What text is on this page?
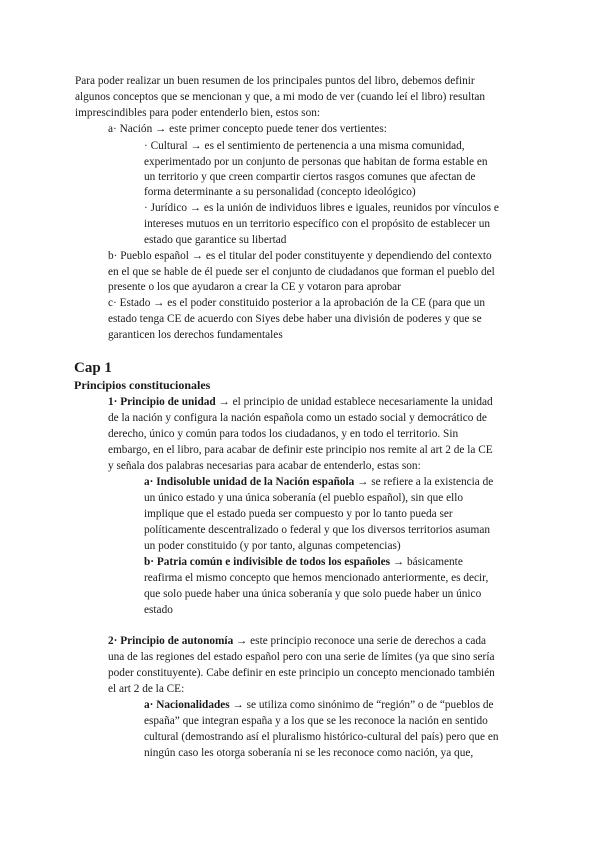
Para poder realizar un buen resumen de los principales puntos del libro, debemos definir
algunos conceptos que se mencionan y que, a mi modo de ver (cuando leí el libro) resultan
imprescindibles para poder entenderlo bien, estos son:
a· Nación → este primer concepto puede tener dos vertientes:
· Cultural → es el sentimiento de pertenencia a una misma comunidad,
experimentado por un conjunto de personas que habitan de forma estable en
un territorio y que creen compartir ciertos rasgos comunes que afectan de
forma determinante a su personalidad (concepto ideológico)
· Jurídico → es la unión de individuos libres e iguales, reunidos por vínculos e
intereses mutuos en un territorio específico con el propósito de establecer un
estado que garantice su libertad
b· Pueblo español → es el titular del poder constituyente y dependiendo del contexto
en el que se hable de él puede ser el conjunto de ciudadanos que forman el pueblo del
presente o los que ayudaron a crear la CE y votaron para aprobar
c· Estado → es el poder constituido posterior a la aprobación de la CE (para que un
estado tenga CE de acuerdo con Siyes debe haber una división de poderes y que se
garanticen los derechos fundamentales
Cap 1
Principios constitucionales
1· Principio de unidad → el principio de unidad establece necesariamente la unidad
de la nación y configura la nación española como un estado social y democrático de
derecho, único y común para todos los ciudadanos, y en todo el territorio. Sin
embargo, en el libro, para acabar de definir este principio nos remite al art 2 de la CE
y señala dos palabras necesarias para acabar de entenderlo, estas son:
a· Indisoluble unidad de la Nación española → se refiere a la existencia de
un único estado y una única soberanía (el pueblo español), sin que ello
implique que el estado pueda ser compuesto y por lo tanto pueda ser
políticamente descentralizado o federal y que los diversos territorios asuman
un poder constituido (y por tanto, algunas competencias)
b· Patria común e indivisible de todos los españoles → básicamente
reafirma el mismo concepto que hemos mencionado anteriormente, es decir,
que solo puede haber una única soberanía y que solo puede haber un único
estado
2· Principio de autonomía → este principio reconoce una serie de derechos a cada
una de las regiones del estado español pero con una serie de límites (ya que sino sería
poder constituyente). Cabe definir en este principio un concepto mencionado también
el art 2 de la CE:
a· Nacionalidades → se utiliza como sinónimo de “región” o de “pueblos de
españa” que integran españa y a los que se les reconoce la nación en sentido
cultural (demostrando así el pluralismo histórico-cultural del país) pero que en
ningún caso les otorga soberanía ni se les reconoce como nación, ya que,
